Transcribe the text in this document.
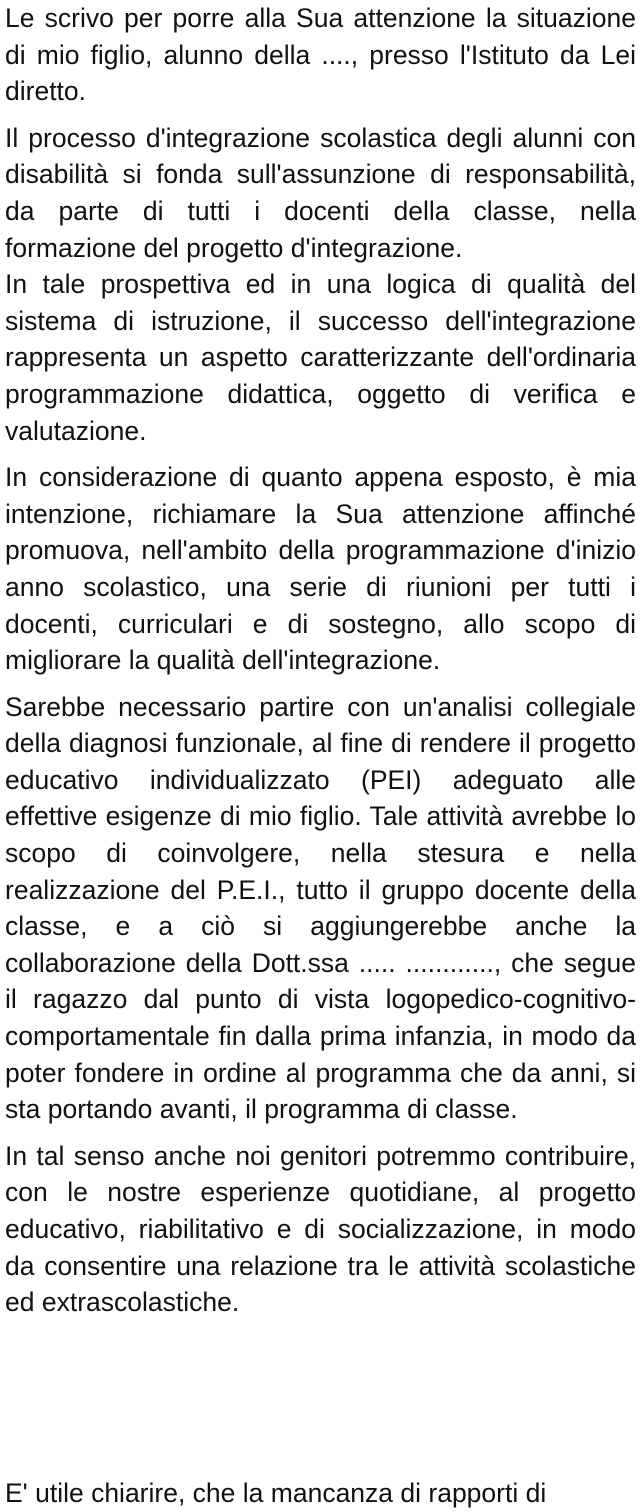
Le scrivo per porre alla Sua attenzione la situazione di mio figlio, alunno della ...., presso l'Istituto da Lei diretto.

Il processo d'integrazione scolastica degli alunni con disabilità si fonda sull'assunzione di responsabilità, da parte di tutti i docenti della classe, nella formazione del progetto d'integrazione.

In tale prospettiva ed in una logica di qualità del sistema di istruzione, il successo dell'integrazione rappresenta un aspetto caratterizzante dell'ordinaria programmazione didattica, oggetto di verifica e valutazione.

In considerazione di quanto appena esposto, è mia intenzione, richiamare la Sua attenzione affinché promuova, nell'ambito della programmazione d'inizio anno scolastico, una serie di riunioni per tutti i docenti, curriculari e di sostegno, allo scopo di migliorare la qualità dell'integrazione.

Sarebbe necessario partire con un'analisi collegiale della diagnosi funzionale, al fine di rendere il progetto educativo individualizzato (PEI) adeguato alle effettive esigenze di mio figlio. Tale attività avrebbe lo scopo di coinvolgere, nella stesura e nella realizzazione del P.E.I., tutto il gruppo docente della classe, e a ciò si aggiungerebbe anche la collaborazione della Dott.ssa ..... ............, che segue il ragazzo dal punto di vista logopedico-cognitivo-comportamentale fin dalla prima infanzia, in modo da poter fondere in ordine al programma che da anni, si sta portando avanti, il programma di classe.

In tal senso anche noi genitori potremmo contribuire, con le nostre esperienze quotidiane, al progetto educativo, riabilitativo e di socializzazione, in modo da consentire una relazione tra le attività scolastiche ed extrascolastiche.

E' utile chiarire, che la mancanza di rapporti di
